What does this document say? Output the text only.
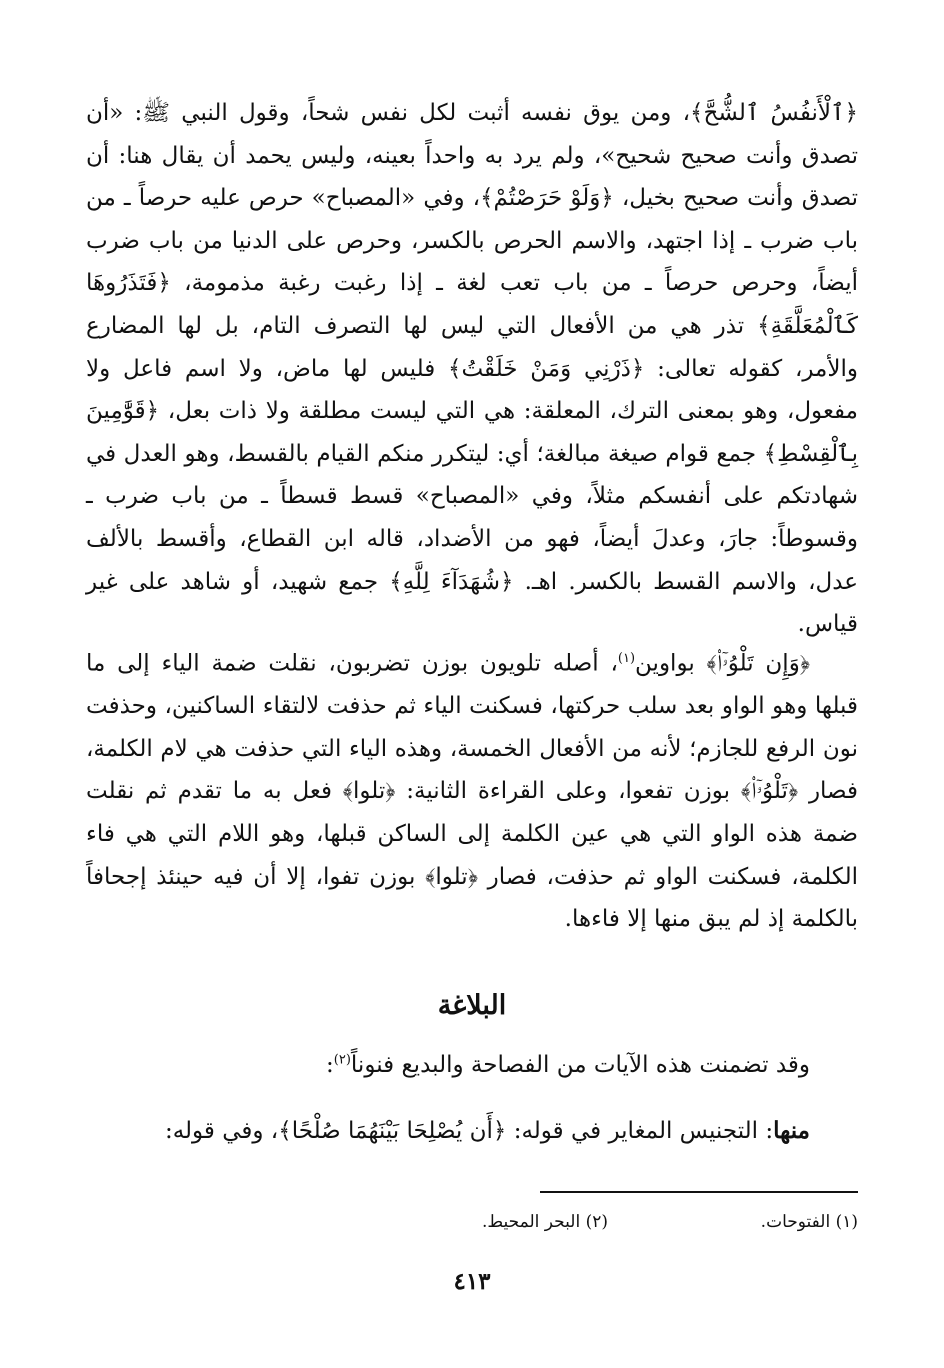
﴿ٱلْأَنفُسُ ٱلشُّحَّ﴾، ومن يوق نفسه أثبت لكل نفس شحاً، وقول النبي ﷺ: «أن تصدق وأنت صحيح شحيح»، ولم يرد به واحداً بعينه، وليس يحمد أن يقال هنا: أن تصدق وأنت صحيح بخيل، ﴿وَلَوْ حَرَصْتُمْ﴾، وفي «المصباح» حرص عليه حرصاً ـ من باب ضرب ـ إذا اجتهد، والاسم الحرص بالكسر، وحرص على الدنيا من باب ضرب أيضاً، وحرص حرصاً ـ من باب تعب لغة ـ إذا رغبت رغبة مذمومة، ﴿فَتَذَرُوهَا كَٱلْمُعَلَّقَةِ﴾ تذر هي من الأفعال التي ليس لها التصرف التام، بل لها المضارع والأمر، كقوله تعالى: ﴿ذَرْنِي وَمَنْ خَلَقْتُ﴾ فليس لها ماض، ولا اسم فاعل ولا مفعول، وهو بمعنى الترك، المعلقة: هي التي ليست مطلقة ولا ذات بعل، ﴿قَوَّٰمِينَ بِٱلْقِسْطِ﴾ جمع قوام صيغة مبالغة؛ أي: ليتكرر منكم القيام بالقسط، وهو العدل في شهادتكم على أنفسكم مثلاً، وفي «المصباح» قسط قسطاً ـ من باب ضرب ـ وقسوطاً: جارَ، وعدلَ أيضاً، فهو من الأضداد، قاله ابن القطاع، وأقسط بالألف عدل، والاسم القسط بالكسر. اهـ. ﴿شُهَدَآءَ لِلَّهِ﴾ جمع شهيد، أو شاهد على غير قياس.

﴿وَإِن تَلْوُۥٓا۟﴾ بواوين$^{(١)}$، أصله تلويون بوزن تضربون، نقلت ضمة الياء إلى ما قبلها وهو الواو بعد سلب حركتها، فسكنت الياء ثم حذفت لالتقاء الساكنين، وحذفت نون الرفع للجازم؛ لأنه من الأفعال الخمسة، وهذه الياء التي حذفت هي لام الكلمة، فصار ﴿تَلْوُۥٓا۟﴾ بوزن تفعوا، وعلى القراءة الثانية: ﴿تلوا﴾ فعل به ما تقدم ثم نقلت ضمة هذه الواو التي هي عين الكلمة إلى الساكن قبلها، وهو اللام التي هي فاء الكلمة، فسكنت الواو ثم حذفت، فصار ﴿تلوا﴾ بوزن تفوا، إلا أن فيه حينئذ إجحافاً بالكلمة إذ لم يبق منها إلا فاءها.

البلاغة
وقد تضمنت هذه الآيات من الفصاحة والبديع فنوناً$^{(٢)}$:
منها: التجنيس المغاير في قوله: ﴿أَن يُصْلِحَا بَيْنَهُمَا صُلْحًا﴾، وفي قوله:
(١) الفتوحات.
(٢) البحر المحيط.
٤١٣
